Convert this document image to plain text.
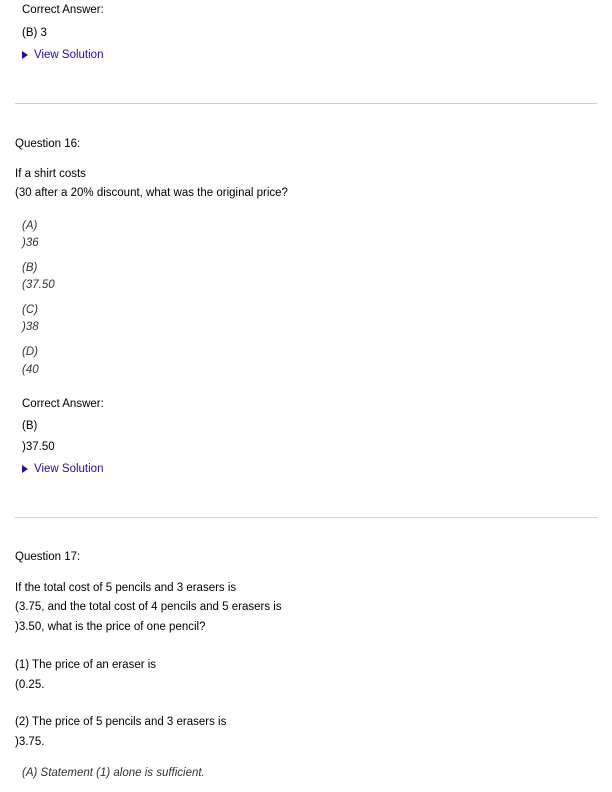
Correct Answer:
(B) 3
View Solution
Question 16:
If a shirt costs
(30 after a 20% discount, what was the original price?
(A)
)36
(B)
(37.50
(C)
)38
(D)
(40
Correct Answer:
(B)
)37.50
View Solution
Question 17:
If the total cost of 5 pencils and 3 erasers is
(3.75, and the total cost of 4 pencils and 5 erasers is
)3.50, what is the price of one pencil?
(1) The price of an eraser is
(0.25.
(2) The price of 5 pencils and 3 erasers is
)3.75.
(A) Statement (1) alone is sufficient.
